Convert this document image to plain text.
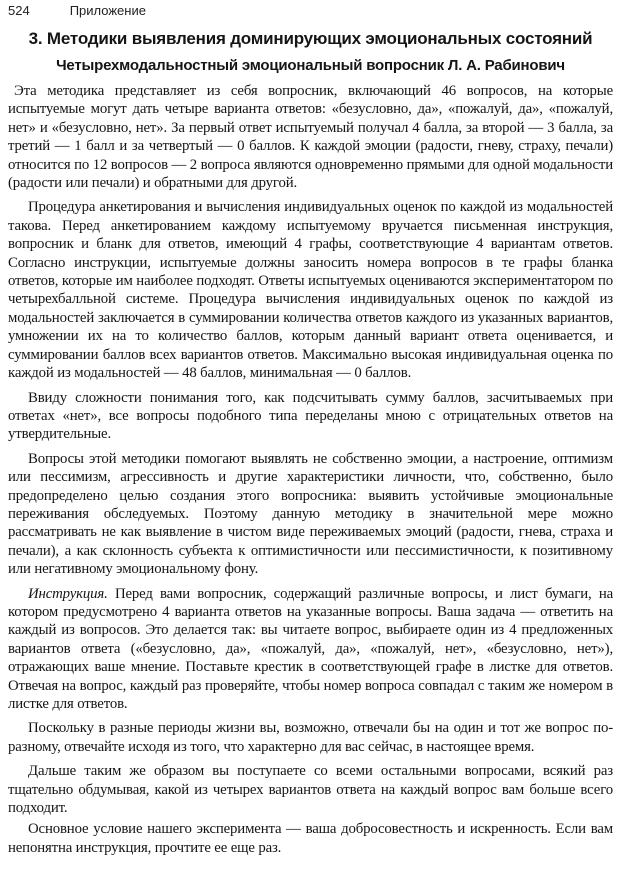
524	Приложение
3. Методики выявления доминирующих эмоциональных состояний
Четырехмодальностный эмоциональный вопросник Л. А. Рабинович

Эта методика представляет из себя вопросник, включающий 46 вопросов, на которые испытуемые могут дать четыре варианта ответов: «безусловно, да», «пожалуй, да», «пожалуй, нет» и «безусловно, нет». За первый ответ испытуемый получал 4 балла, за второй — 3 балла, за третий — 1 балл и за четвертый — 0 баллов. К каждой эмоции (радости, гневу, страху, печали) относится по 12 вопросов — 2 вопроса являются одновременно прямыми для одной модальности (радости или печали) и обратными для другой.

Процедура анкетирования и вычисления индивидуальных оценок по каждой из модальностей такова. Перед анкетированием каждому испытуемому вручается письменная инструкция, вопросник и бланк для ответов, имеющий 4 графы, соответствующие 4 вариантам ответов. Согласно инструкции, испытуемые должны заносить номера вопросов в те графы бланка ответов, которые им наиболее подходят. Ответы испытуемых оцениваются экспериментатором по четырехбалльной системе. Процедура вычисления индивидуальных оценок по каждой из модальностей заключается в суммировании количества ответов каждого из указанных вариантов, умножении их на то количество баллов, которым данный вариант ответа оценивается, и суммировании баллов всех вариантов ответов. Максимально высокая индивидуальная оценка по каждой из модальностей — 48 баллов, минимальная — 0 баллов.

Ввиду сложности понимания того, как подсчитывать сумму баллов, засчитываемых при ответах «нет», все вопросы подобного типа переделаны мною с отрицательных ответов на утвердительные.

Вопросы этой методики помогают выявлять не собственно эмоции, а настроение, оптимизм или пессимизм, агрессивность и другие характеристики личности, что, собственно, было предопределено целью создания этого вопросника: выявить устойчивые эмоциональные переживания обследуемых. Поэтому данную методику в значительной мере можно рассматривать не как выявление в чистом виде переживаемых эмоций (радости, гнева, страха и печали), а как склонность субъекта к оптимистичности или пессимистичности, к позитивному или негативному эмоциональному фону.

Инструкция. Перед вами вопросник, содержащий различные вопросы, и лист бумаги, на котором предусмотрено 4 варианта ответов на указанные вопросы. Ваша задача — ответить на каждый из вопросов. Это делается так: вы читаете вопрос, выбираете один из 4 предложенных вариантов ответа («безусловно, да», «пожалуй, да», «пожалуй, нет», «безусловно, нет»), отражающих ваше мнение. Поставьте крестик в соответствующей графе в листке для ответов. Отвечая на вопрос, каждый раз проверяйте, чтобы номер вопроса совпадал с таким же номером в листке для ответов.

Поскольку в разные периоды жизни вы, возможно, отвечали бы на один и тот же вопрос по-разному, отвечайте исходя из того, что характерно для вас сейчас, в настоящее время.

Дальше таким же образом вы поступаете со всеми остальными вопросами, всякий раз тщательно обдумывая, какой из четырех вариантов ответа на каждый вопрос вам больше всего подходит.

Основное условие нашего эксперимента — ваша добросовестность и искренность. Если вам непонятна инструкция, прочтите ее еще раз.
